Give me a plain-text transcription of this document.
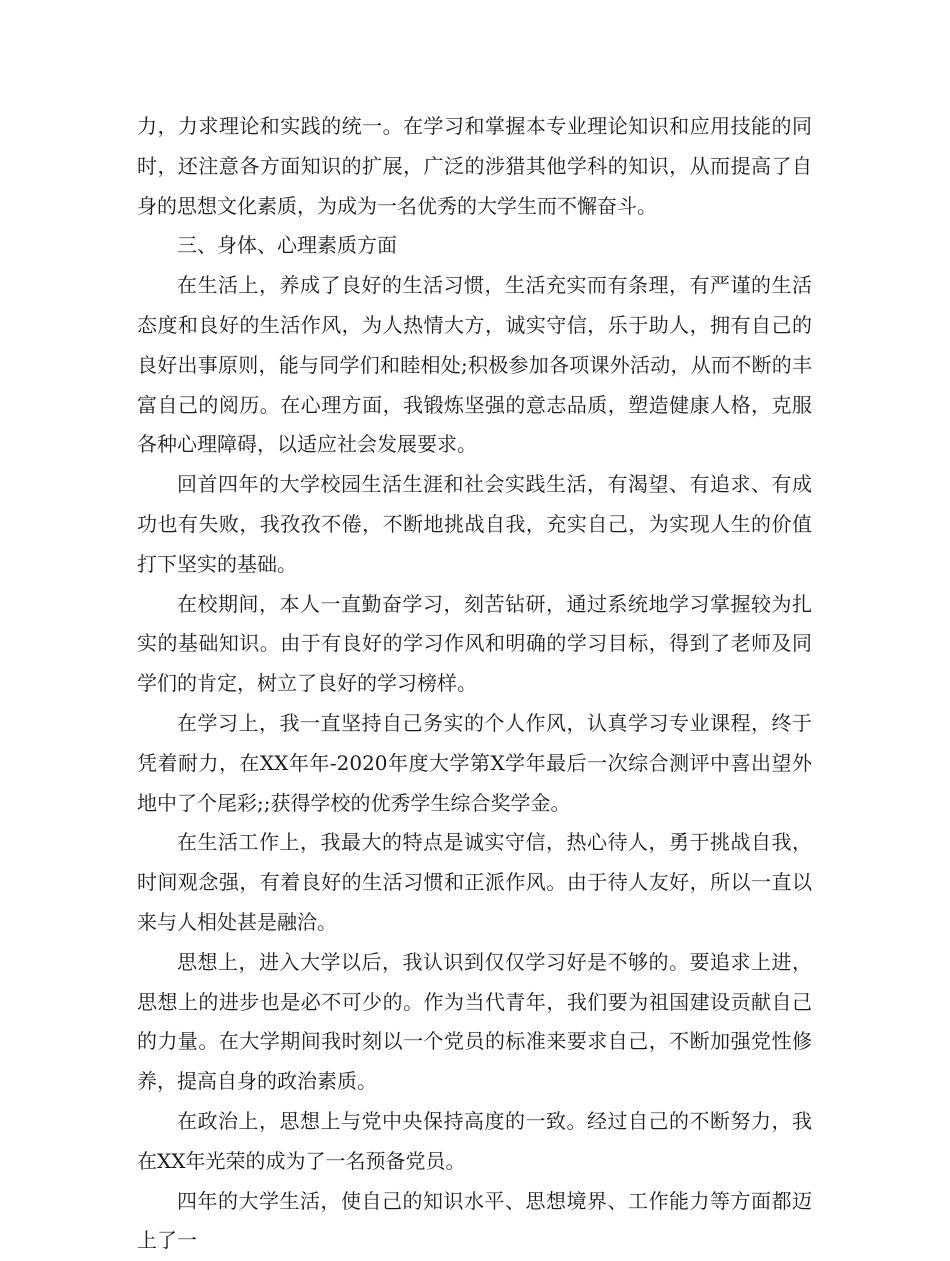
力，力求理论和实践的统一。在学习和掌握本专业理论知识和应用技能的同时，还注意各方面知识的扩展，广泛的涉猎其他学科的知识，从而提高了自身的思想文化素质，为成为一名优秀的大学生而不懈奋斗。

三、身体、心理素质方面

在生活上，养成了良好的生活习惯，生活充实而有条理，有严谨的生活态度和良好的生活作风，为人热情大方，诚实守信，乐于助人，拥有自己的良好出事原则，能与同学们和睦相处;积极参加各项课外活动，从而不断的丰富自己的阅历。在心理方面，我锻炼坚强的意志品质，塑造健康人格，克服各种心理障碍，以适应社会发展要求。

回首四年的大学校园生活生涯和社会实践生活，有渴望、有追求、有成功也有失败，我孜孜不倦，不断地挑战自我，充实自己，为实现人生的价值打下坚实的基础。

在校期间，本人一直勤奋学习，刻苦钻研，通过系统地学习掌握较为扎实的基础知识。由于有良好的学习作风和明确的学习目标，得到了老师及同学们的肯定，树立了良好的学习榜样。

在学习上，我一直坚持自己务实的个人作风，认真学习专业课程，终于凭着耐力，在XX年年-2020年度大学第X学年最后一次综合测评中喜出望外地中了个尾彩;;获得学校的优秀学生综合奖学金。

在生活工作上，我最大的特点是诚实守信，热心待人，勇于挑战自我，时间观念强，有着良好的生活习惯和正派作风。由于待人友好，所以一直以来与人相处甚是融洽。

思想上，进入大学以后，我认识到仅仅学习好是不够的。要追求上进，思想上的进步也是必不可少的。作为当代青年，我们要为祖国建设贡献自己的力量。在大学期间我时刻以一个党员的标准来要求自己，不断加强党性修养，提高自身的政治素质。

在政治上，思想上与党中央保持高度的一致。经过自己的不断努力，我在XX年光荣的成为了一名预备党员。

四年的大学生活，使自己的知识水平、思想境界、工作能力等方面都迈上了一
